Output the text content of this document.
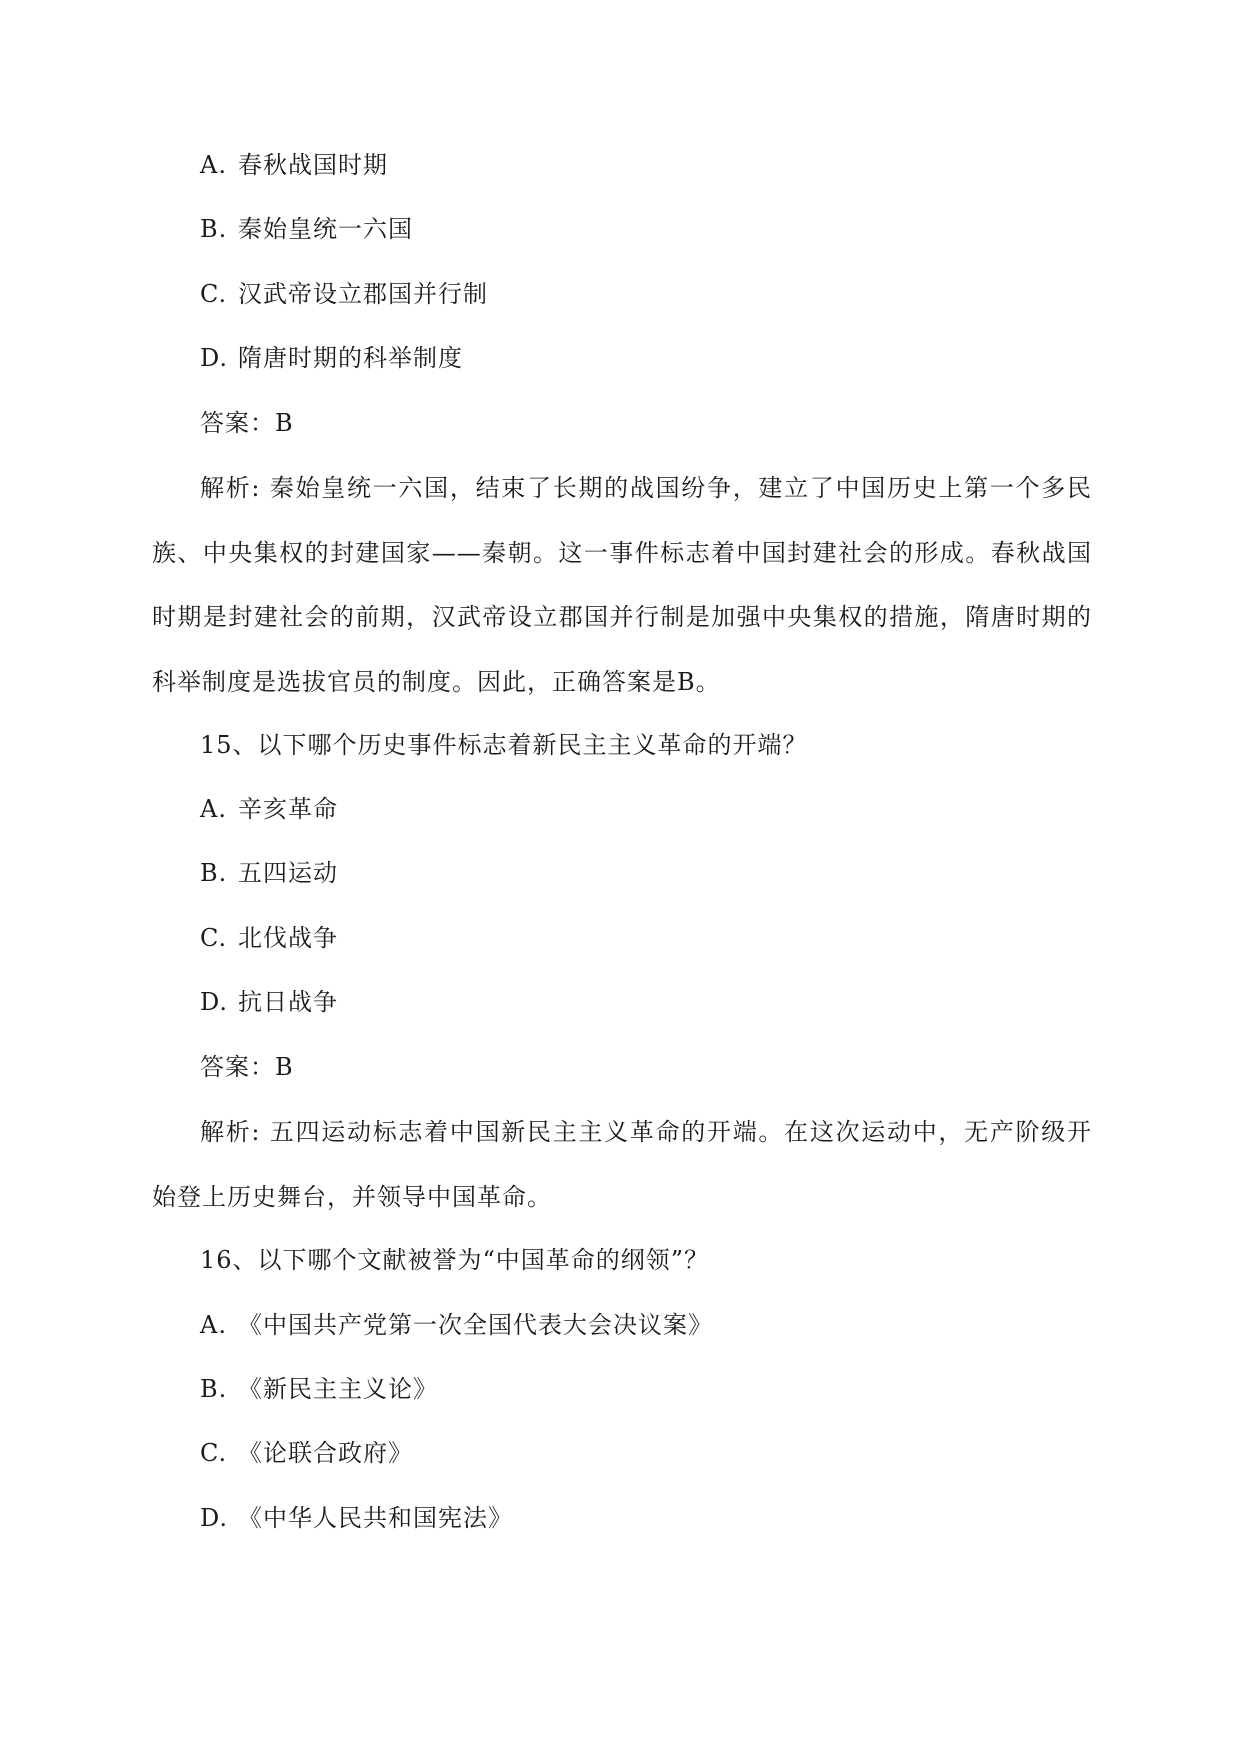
A. 春秋战国时期
B. 秦始皇统一六国
C. 汉武帝设立郡国并行制
D. 隋唐时期的科举制度
答案：B
解析: 秦始皇统一六国，结束了长期的战国纷争，建立了中国历史上第一个多民族、中央集权的封建国家——秦朝。这一事件标志着中国封建社会的形成。春秋战国时期是封建社会的前期，汉武帝设立郡国并行制是加强中央集权的措施，隋唐时期的科举制度是选拔官员的制度。因此，正确答案是B。
15、以下哪个历史事件标志着新民主主义革命的开端？
A. 辛亥革命
B. 五四运动
C. 北伐战争
D. 抗日战争
答案：B
解析: 五四运动标志着中国新民主主义革命的开端。在这次运动中，无产阶级开始登上历史舞台，并领导中国革命。
16、以下哪个文献被誉为“中国革命的纲领”？
A. 《中国共产党第一次全国代表大会决议案》
B. 《新民主主义论》
C. 《论联合政府》
D. 《中华人民共和国宪法》
